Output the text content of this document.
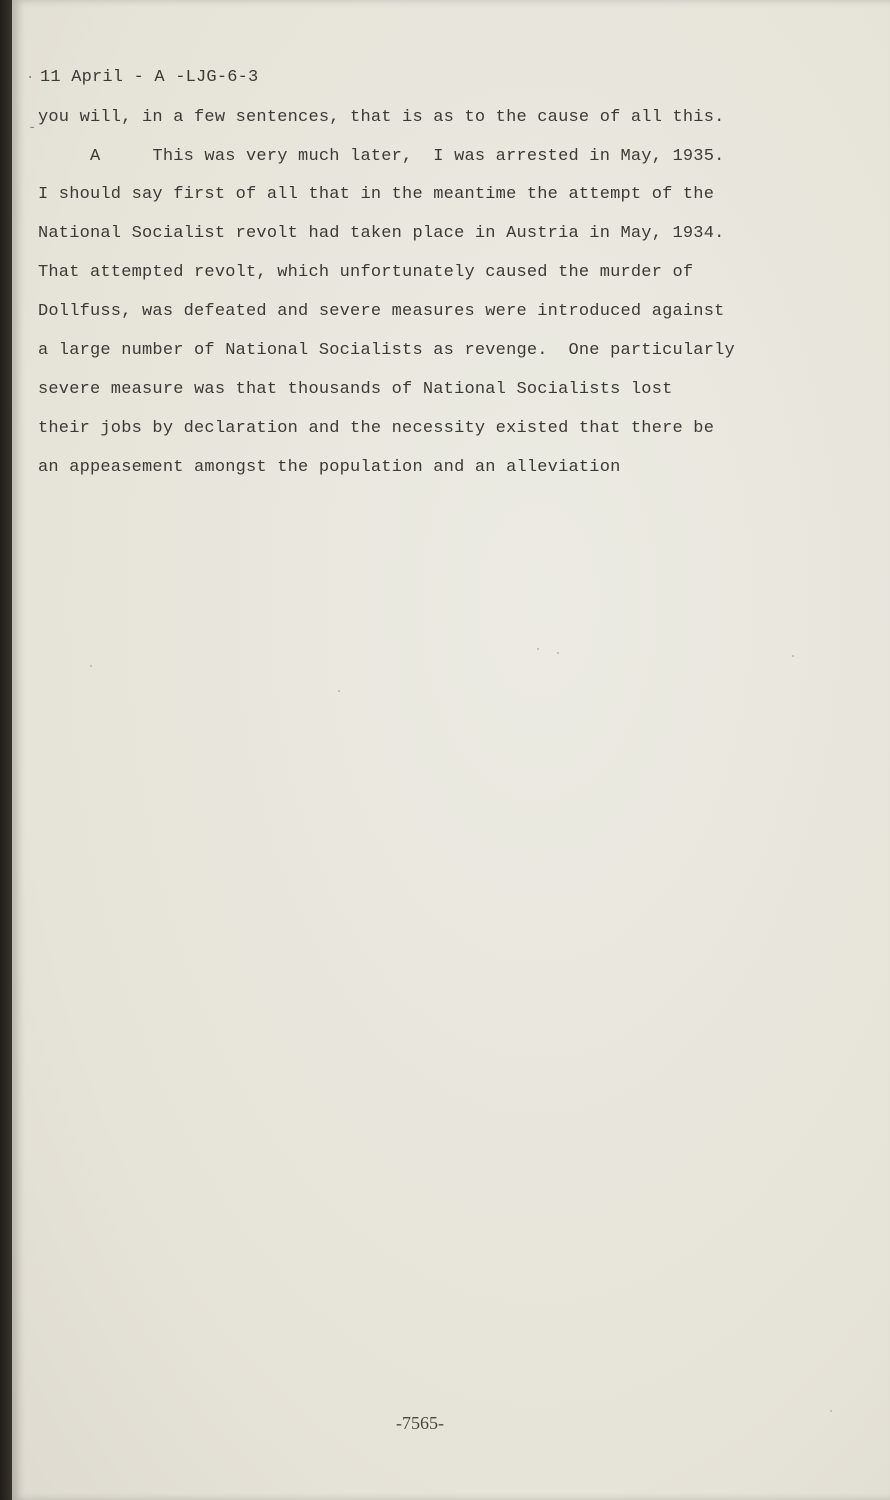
·
-
11 April - A -LJG-6-3
you will, in a few sentences, that is as to the cause of all this.
A     This was very much later,  I was arrested in May, 1935.
I should say first of all that in the meantime the attempt of the
National Socialist revolt had taken place in Austria in May, 1934.
That attempted revolt, which unfortunately caused the murder of
Dollfuss, was defeated and severe measures were introduced against
a large number of National Socialists as revenge.  One particularly
severe measure was that thousands of National Socialists lost
their jobs by declaration and the necessity existed that there be
an appeasement amongst the population and an alleviation
-7565-
